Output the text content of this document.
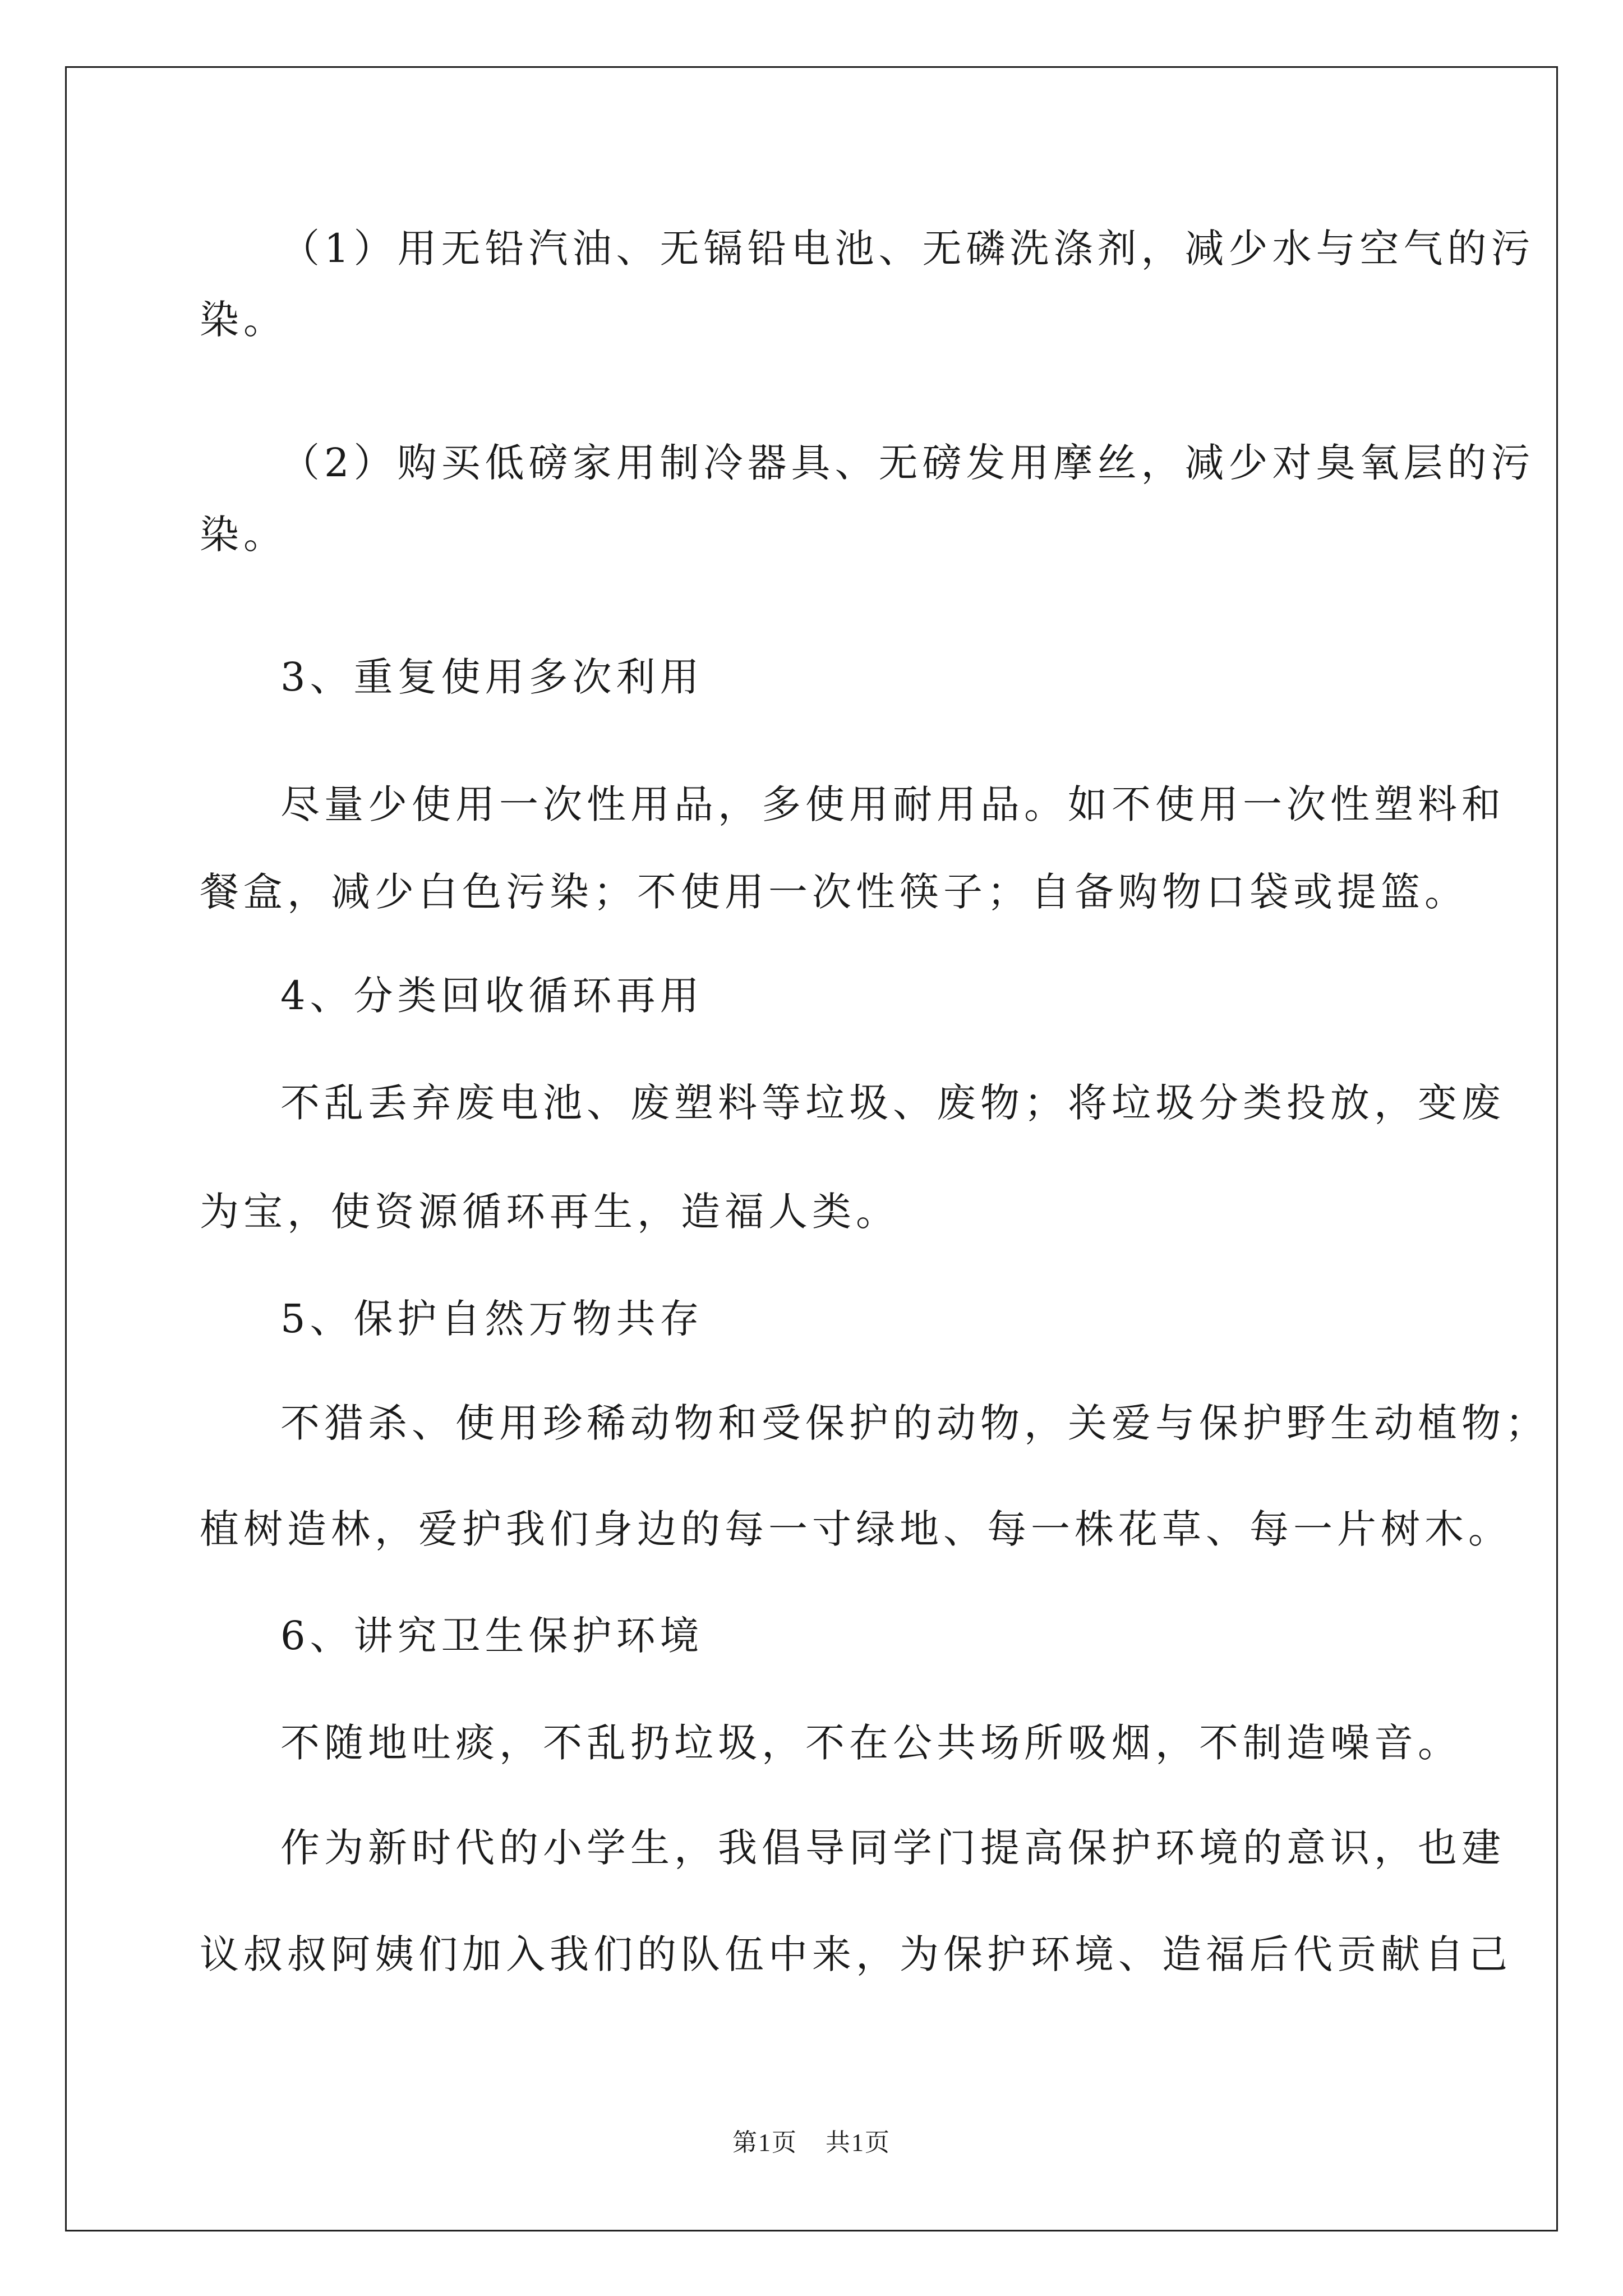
（1）用无铅汽油、无镉铅电池、无磷洗涤剂，减少水与空气的污
染。
（2）购买低磅家用制冷器具、无磅发用摩丝，减少对臭氧层的污
染。
3、重复使用多次利用
尽量少使用一次性用品，多使用耐用品。如不使用一次性塑料和
餐盒，减少白色污染；不使用一次性筷子；自备购物口袋或提篮。
4、分类回收循环再用
不乱丢弃废电池、废塑料等垃圾、废物；将垃圾分类投放，变废
为宝，使资源循环再生，造福人类。
5、保护自然万物共存
不猎杀、使用珍稀动物和受保护的动物，关爱与保护野生动植物；
植树造林，爱护我们身边的每一寸绿地、每一株花草、每一片树木。
6、讲究卫生保护环境
不随地吐痰，不乱扔垃圾，不在公共场所吸烟，不制造噪音。
作为新时代的小学生，我倡导同学门提高保护环境的意识，也建
议叔叔阿姨们加入我们的队伍中来，为保护环境、造福后代贡献自己
第1页 共1页
